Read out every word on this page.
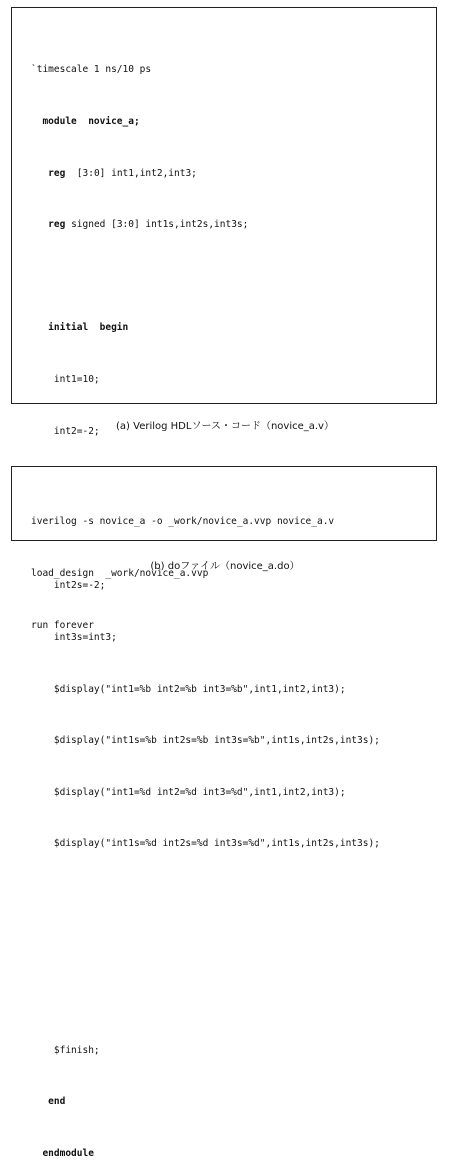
`timescale 1 ns/10 ps

module  novice_a;

reg  [3:0] int1,int2,int3;

reg signed [3:0] int1s,int2s,int3s;

initial  begin

int1=10;

int2=-2;

int2s=-2;

int3s=int3;

$display("int1=%b int2=%b int3=%b",int1,int2,int3);

$display("int1s=%b int2s=%b int3s=%b",int1s,int2s,int3s);

$display("int1=%d int2=%d int3=%d",int1,int2,int3);

$display("int1s=%d int2s=%d int3s=%d",int1s,int2s,int3s);

$finish;

end

endmodule

(a) Verilog HDLソース・コード（novice_a.v）

iverilog -s novice_a -o _work/novice_a.vvp novice_a.v

load_design  _work/novice_a.vvp

run forever

(b) doファイル（novice_a.do）
